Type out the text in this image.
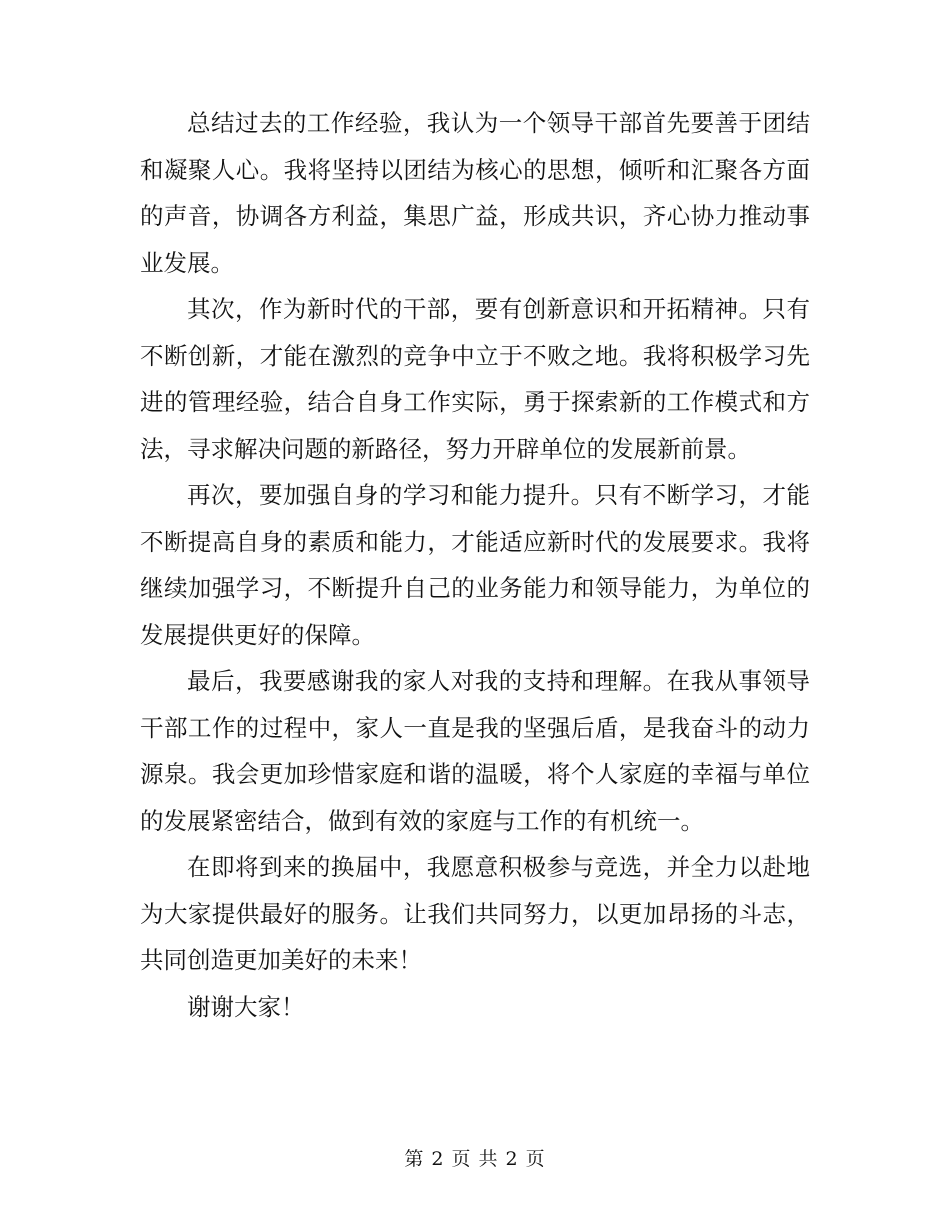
总结过去的工作经验，我认为一个领导干部首先要善于团结和凝聚人心。我将坚持以团结为核心的思想，倾听和汇聚各方面的声音，协调各方利益，集思广益，形成共识，齐心协力推动事业发展。

其次，作为新时代的干部，要有创新意识和开拓精神。只有不断创新，才能在激烈的竞争中立于不败之地。我将积极学习先进的管理经验，结合自身工作实际，勇于探索新的工作模式和方法，寻求解决问题的新路径，努力开辟单位的发展新前景。

再次，要加强自身的学习和能力提升。只有不断学习，才能不断提高自身的素质和能力，才能适应新时代的发展要求。我将继续加强学习，不断提升自己的业务能力和领导能力，为单位的发展提供更好的保障。

最后，我要感谢我的家人对我的支持和理解。在我从事领导干部工作的过程中，家人一直是我的坚强后盾，是我奋斗的动力源泉。我会更加珍惜家庭和谐的温暖，将个人家庭的幸福与单位的发展紧密结合，做到有效的家庭与工作的有机统一。

在即将到来的换届中，我愿意积极参与竞选，并全力以赴地为大家提供最好的服务。让我们共同努力，以更加昂扬的斗志，共同创造更加美好的未来！

谢谢大家！

第 2 页 共 2 页
